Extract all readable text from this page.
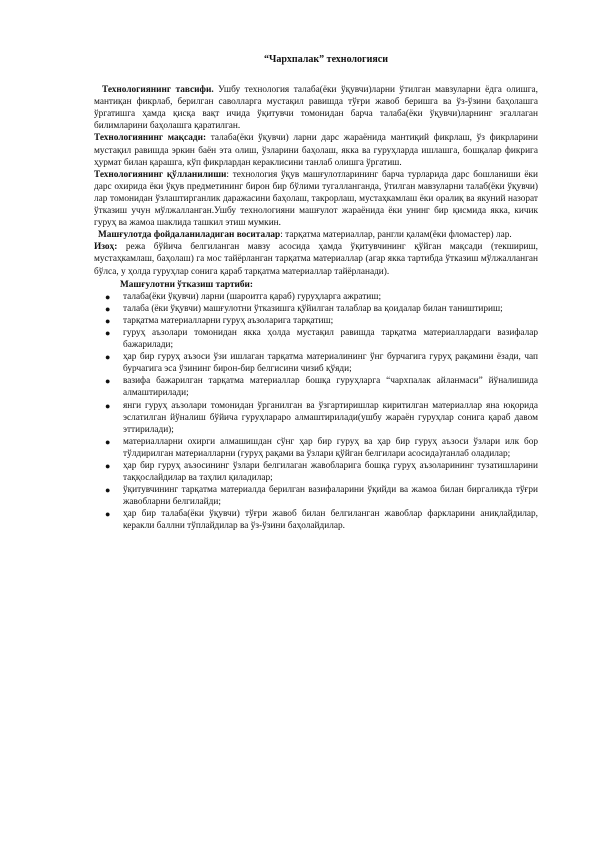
“Чархпалак” технологияси

Технологиянинг тавсифи. Ушбу технология талаба(ёки ўқувчи)ларни ўтилган мавзуларни ёдга олишга, мантиқан фикрлаб, берилган саволларга мустақил равишда тўғри жавоб беришга ва ўз-ўзини баҳолашга ўргатишга ҳамда қисқа вақт ичида ўқитувчи томонидан барча талаба(ёки ўқувчи)ларнинг эгаллаган билимларини баҳолашга қаратилган.

Технологиянинг мақсади: талаба(ёки ўқувчи) ларни дарс жараёнида мантиқий фикрлаш, ўз фикрларини мустақил равишда эркин баён эта олиш, ўзларини баҳолаш, якка ва гуруҳларда ишлашга, бошқалар фикрига ҳурмат билан қарашга, кўп фикрлардан кераклисини танлаб олишга ўргатиш.

Технологиянинг қўлланилиши: технология ўқув машғулотларининг барча турларида дарс бошланиши ёки дарс охирида ёки ўқув предметининг бирон бир бўлими тугалланганда, ўтилган мавзуларни талаб(ёки ўқувчи) лар томонидан ўзлаштирганлик даражасини баҳолаш, такрорлаш, мустаҳкамлаш ёки оралиқ ва якуний назорат ўтказиш учун мўлжалланган.Ушбу технологияни машғулот жараёнида ёки унинг бир қисмида якка, кичик гуруҳ ва жамоа шаклида ташкил этиш мумкин.

Машғулотда фойдаланиладиган воситалар: тарқатма материаллар, рангли қалам(ёки фломастер) лар.

Изоҳ: режа бўйича белгиланган мавзу асосида ҳамда ўқитувчининг қўйган мақсади (текшириш, мустаҳкамлаш, баҳолаш) га мос тайёрланган тарқатма материаллар (агар якка тартибда ўтказиш мўлжалланган бўлса, у ҳолда гуруҳлар сонига қараб тарқатма материаллар тайёрланади).

Машғулотни ўтказиш тартиби:
● талаба(ёки ўқувчи) ларни (шароитга қараб) гуруҳларга ажратиш;
● талаба (ёки ўқувчи) машғулотни ўтказишга қўйилган талаблар ва қоидалар билан таништириш;
● тарқатма материалларни гуруҳ аъзоларига тарқатиш;
● гуруҳ аъзолари томонидан якка ҳолда мустақил равишда тарқатма материаллардаги вазифалар бажарилади;
● ҳар бир гуруҳ аъзоси ўзи ишлаган тарқатма материалининг ўнг бурчагига гуруҳ рақамини ёзади, чап бурчагига эса ўзининг бирон-бир белгисини чизиб қўяди;
● вазифа бажарилган тарқатма материаллар бошқа гуруҳларга “чархпалак айланмаси” йўналишида алмаштирилади;
● янги гуруҳ аъзолари томонидан ўрганилган ва ўзгартиришлар киритилган материаллар яна юқорида эслатилган йўналиш бўйича гуруҳлараро алмаштирилади(ушбу жараён гуруҳлар сонига қараб давом эттирилади);
● материалларни охирги алмашишдан сўнг ҳар бир гуруҳ ва ҳар бир гуруҳ аъзоси ўзлари илк бор тўлдирилган материалларни (гуруҳ рақами ва ўзлари қўйган белгилари асосида)танлаб оладилар;
● ҳар бир гуруҳ аъзосининг ўзлари белгилаган жавобларига бошқа гуруҳ аъзоларининг тузатишларини таққослайдилар ва таҳлил қиладилар;
● ўқитувчининг тарқатма материалда берилган вазифаларини ўқийди ва жамоа билан биргаликда тўғри жавобларни белгилайди;
● ҳар бир талаба(ёки ўқувчи) тўғри жавоб билан белгиланган жавоблар фаркларини аниқлайдилар, керакли баллни тўплайдилар ва ўз-ўзини баҳолайдилар.
